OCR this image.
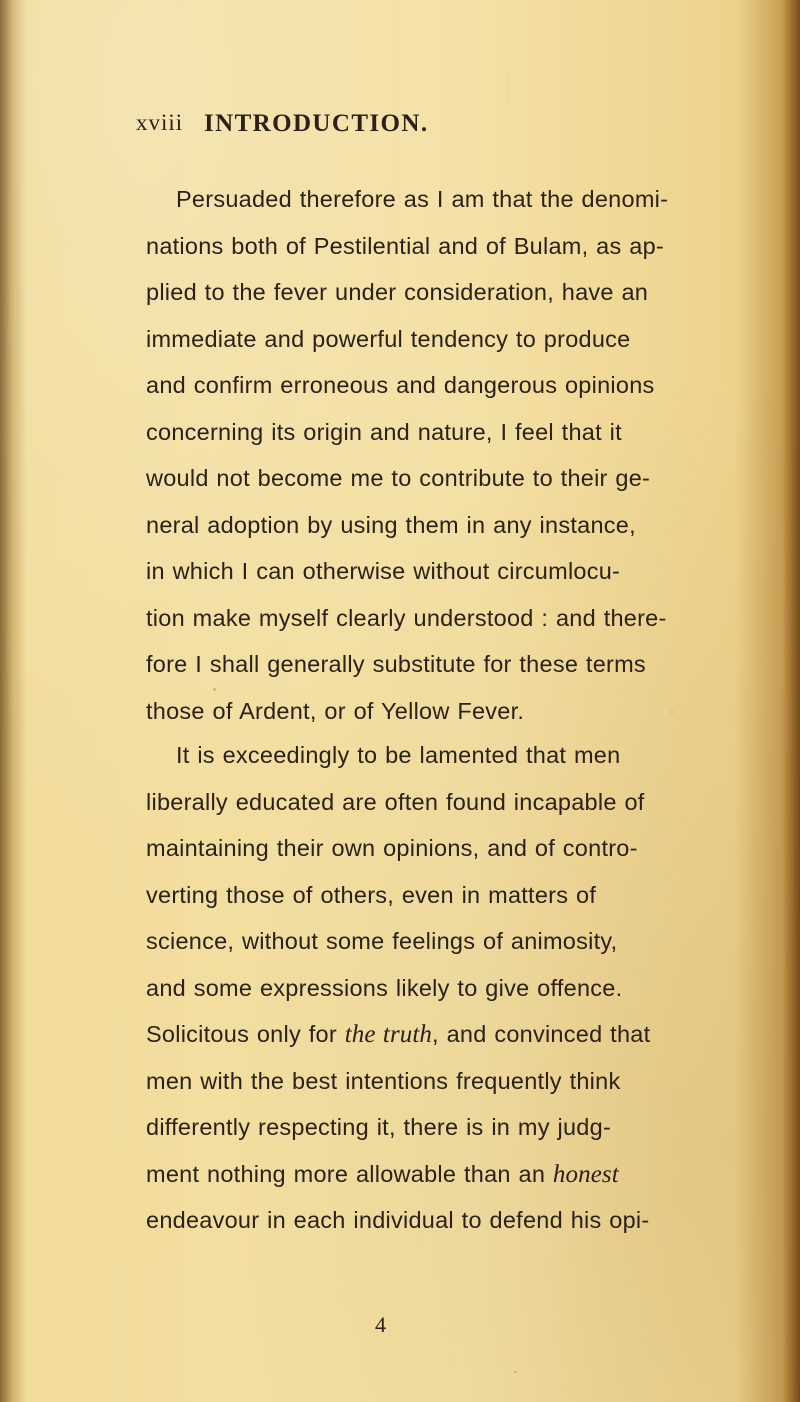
xviii INTRODUCTION.
Persuaded therefore as I am that the denomi-
nations both of Pestilential and of Bulam, as ap-
plied to the fever under consideration, have an
immediate and powerful tendency to produce
and confirm erroneous and dangerous opinions
concerning its origin and nature, I feel that it
would not become me to contribute to their ge-
neral adoption by using them in any instance,
in which I can otherwise without circumlocu-
tion make myself clearly understood : and there-
fore I shall generally substitute for these terms
those of Ardent, or of Yellow Fever.
It is exceedingly to be lamented that men
liberally educated are often found incapable of
maintaining their own opinions, and of contro-
verting those of others, even in matters of
science, without some feelings of animosity,
and some expressions likely to give offence.
Solicitous only for the truth, and convinced that
men with the best intentions frequently think
differently respecting it, there is in my judg-
ment nothing more allowable than an honest
endeavour in each individual to defend his opi-
4
